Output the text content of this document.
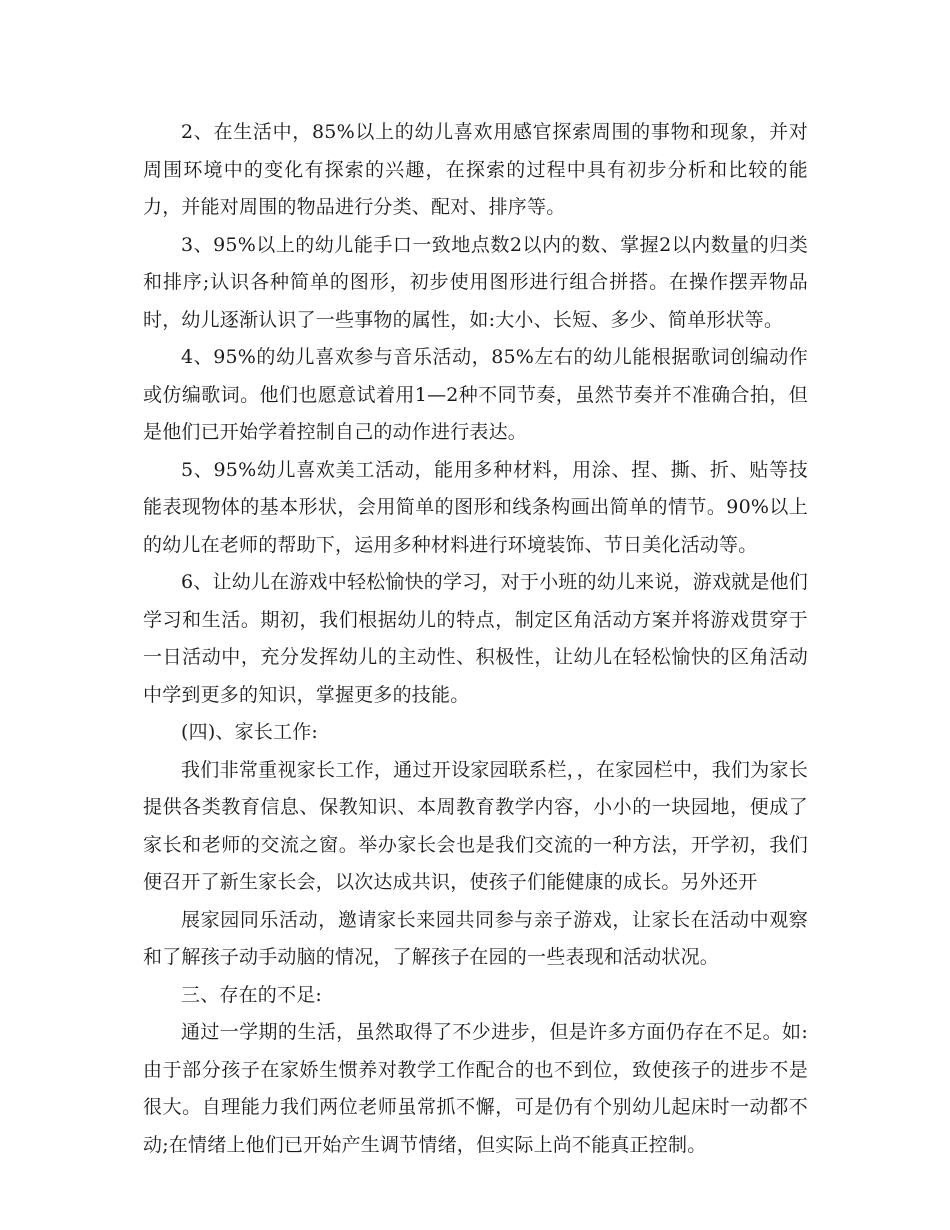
2、在生活中，85%以上的幼儿喜欢用感官探索周围的事物和现象，并对周围环境中的变化有探索的兴趣，在探索的过程中具有初步分析和比较的能力，并能对周围的物品进行分类、配对、排序等。

3、95%以上的幼儿能手口一致地点数2以内的数、掌握2以内数量的归类和排序;认识各种简单的图形，初步使用图形进行组合拼搭。在操作摆弄物品时，幼儿逐渐认识了一些事物的属性，如:大小、长短、多少、简单形状等。

4、95%的幼儿喜欢参与音乐活动，85%左右的幼儿能根据歌词创编动作或仿编歌词。他们也愿意试着用1—2种不同节奏，虽然节奏并不准确合拍，但是他们已开始学着控制自己的动作进行表达。

5、95%幼儿喜欢美工活动，能用多种材料，用涂、捏、撕、折、贴等技能表现物体的基本形状，会用简单的图形和线条构画出简单的情节。90%以上的幼儿在老师的帮助下，运用多种材料进行环境装饰、节日美化活动等。

6、让幼儿在游戏中轻松愉快的学习，对于小班的幼儿来说，游戏就是他们学习和生活。期初，我们根据幼儿的特点，制定区角活动方案并将游戏贯穿于一日活动中，充分发挥幼儿的主动性、积极性，让幼儿在轻松愉快的区角活动中学到更多的知识，掌握更多的技能。

(四)、家长工作:

我们非常重视家长工作，通过开设家园联系栏，，在家园栏中，我们为家长提供各类教育信息、保教知识、本周教育教学内容，小小的一块园地，便成了家长和老师的交流之窗。举办家长会也是我们交流的一种方法，开学初，我们便召开了新生家长会，以次达成共识，使孩子们能健康的成长。另外还开

展家园同乐活动，邀请家长来园共同参与亲子游戏，让家长在活动中观察和了解孩子动手动脑的情况，了解孩子在园的一些表现和活动状况。

三、存在的不足:

通过一学期的生活，虽然取得了不少进步，但是许多方面仍存在不足。如:由于部分孩子在家娇生惯养对教学工作配合的也不到位，致使孩子的进步不是很大。自理能力我们两位老师虽常抓不懈，可是仍有个别幼儿起床时一动都不动;在情绪上他们已开始产生调节情绪，但实际上尚不能真正控制。
